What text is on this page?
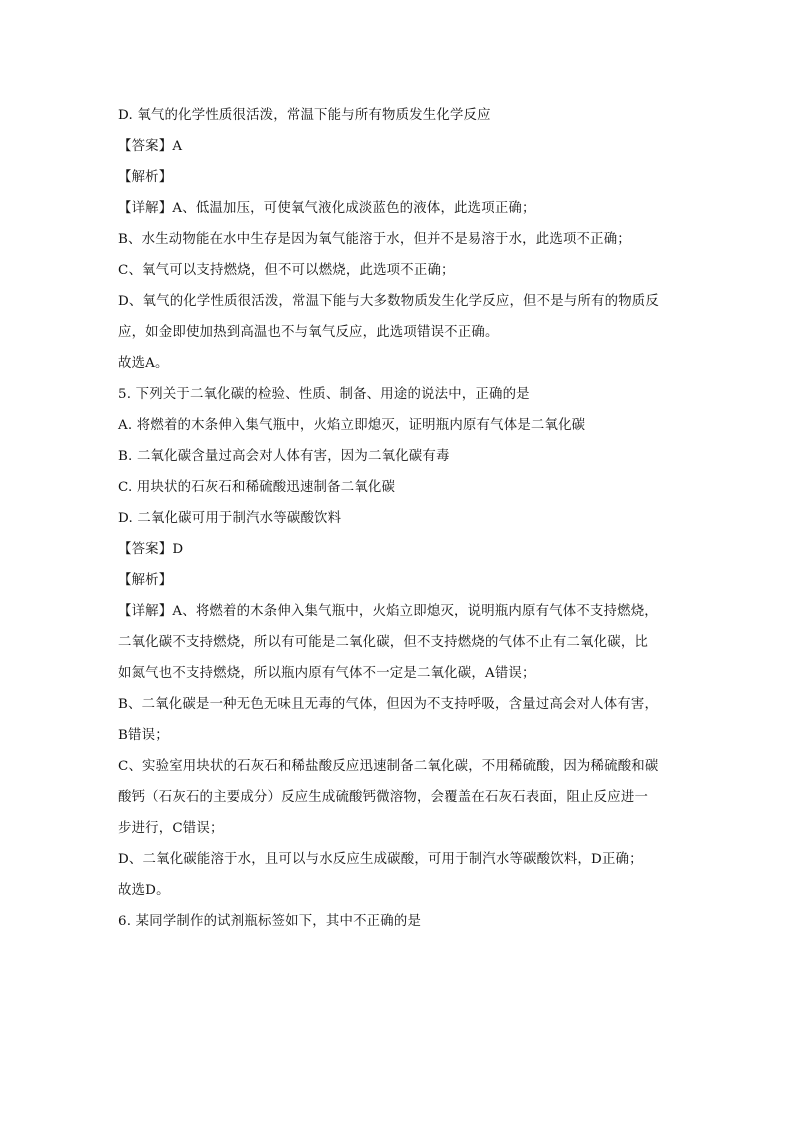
D. 氧气的化学性质很活泼，常温下能与所有物质发生化学反应
【答案】A
【解析】
【详解】A、低温加压，可使氧气液化成淡蓝色的液体，此选项正确；
B、水生动物能在水中生存是因为氧气能溶于水，但并不是易溶于水，此选项不正确；
C、氧气可以支持燃烧，但不可以燃烧，此选项不正确；
D、氧气的化学性质很活泼，常温下能与大多数物质发生化学反应，但不是与所有的物质反
应，如金即使加热到高温也不与氧气反应，此选项错误不正确。
故选A。
5. 下列关于二氧化碳的检验、性质、制备、用途的说法中，正确的是
A. 将燃着的木条伸入集气瓶中，火焰立即熄灭，证明瓶内原有气体是二氧化碳
B. 二氧化碳含量过高会对人体有害，因为二氧化碳有毒
C. 用块状的石灰石和稀硫酸迅速制备二氧化碳
D. 二氧化碳可用于制汽水等碳酸饮料
【答案】D
【解析】
【详解】A、将燃着的木条伸入集气瓶中，火焰立即熄灭，说明瓶内原有气体不支持燃烧，
二氧化碳不支持燃烧，所以有可能是二氧化碳，但不支持燃烧的气体不止有二氧化碳，比
如氮气也不支持燃烧，所以瓶内原有气体不一定是二氧化碳，A错误；
B、二氧化碳是一种无色无味且无毒的气体，但因为不支持呼吸，含量过高会对人体有害，
B错误；
C、实验室用块状的石灰石和稀盐酸反应迅速制备二氧化碳，不用稀硫酸，因为稀硫酸和碳
酸钙（石灰石的主要成分）反应生成硫酸钙微溶物，会覆盖在石灰石表面，阻止反应进一
步进行，C错误；
D、二氧化碳能溶于水，且可以与水反应生成碳酸，可用于制汽水等碳酸饮料，D正确；
故选D。
6. 某同学制作的试剂瓶标签如下，其中不正确的是
